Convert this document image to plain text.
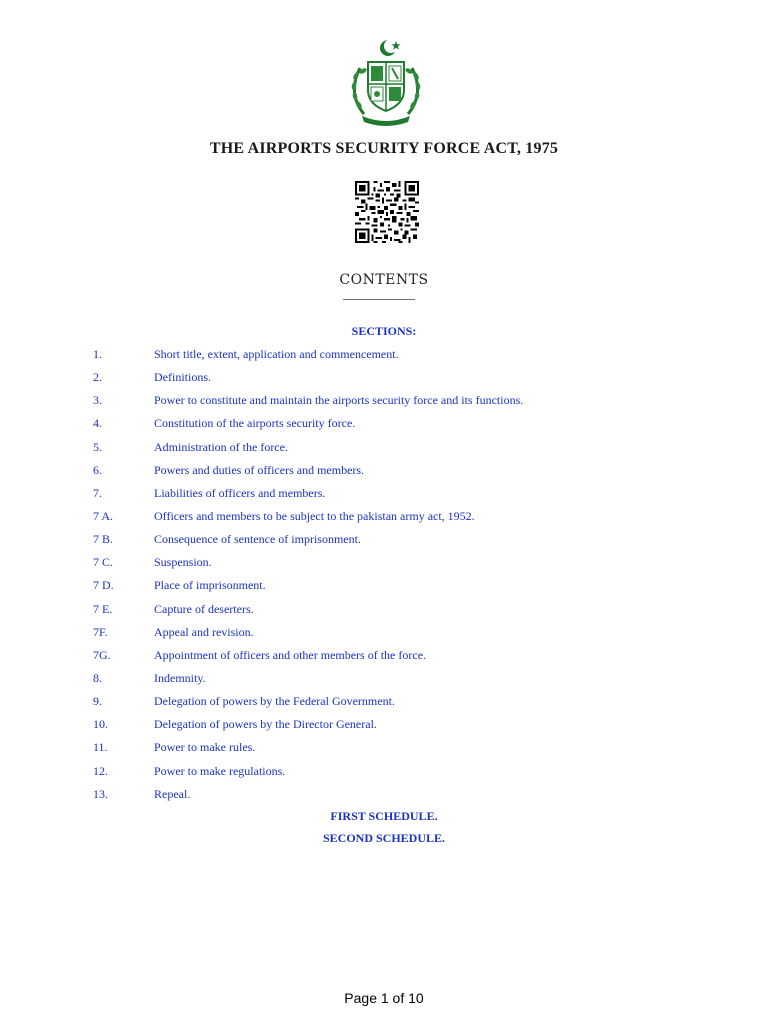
THE AIRPORTS SECURITY FORCE ACT, 1975
CONTENTS
SECTIONS:
1.	Short title, extent, application and commencement.
2.	Definitions.
3.	Power to constitute and maintain the airports security force and its functions.
4.	Constitution of the airports security force.
5.	Administration of the force.
6.	Powers and duties of officers and members.
7.	Liabilities of officers and members.
7 A.	Officers and members to be subject to the pakistan army act, 1952.
7 B.	Consequence of sentence of imprisonment.
7 C.	Suspension.
7 D.	Place of imprisonment.
7 E.	Capture of deserters.
7F.	Appeal and revision.
7G.	Appointment of officers and other members of the force.
8.	Indemnity.
9.	Delegation of powers by the Federal Government.
10.	Delegation of powers by the Director General.
11.	Power to make rules.
12.	Power to make regulations.
13.	Repeal.
FIRST SCHEDULE.
SECOND SCHEDULE.
Page 1 of 10
